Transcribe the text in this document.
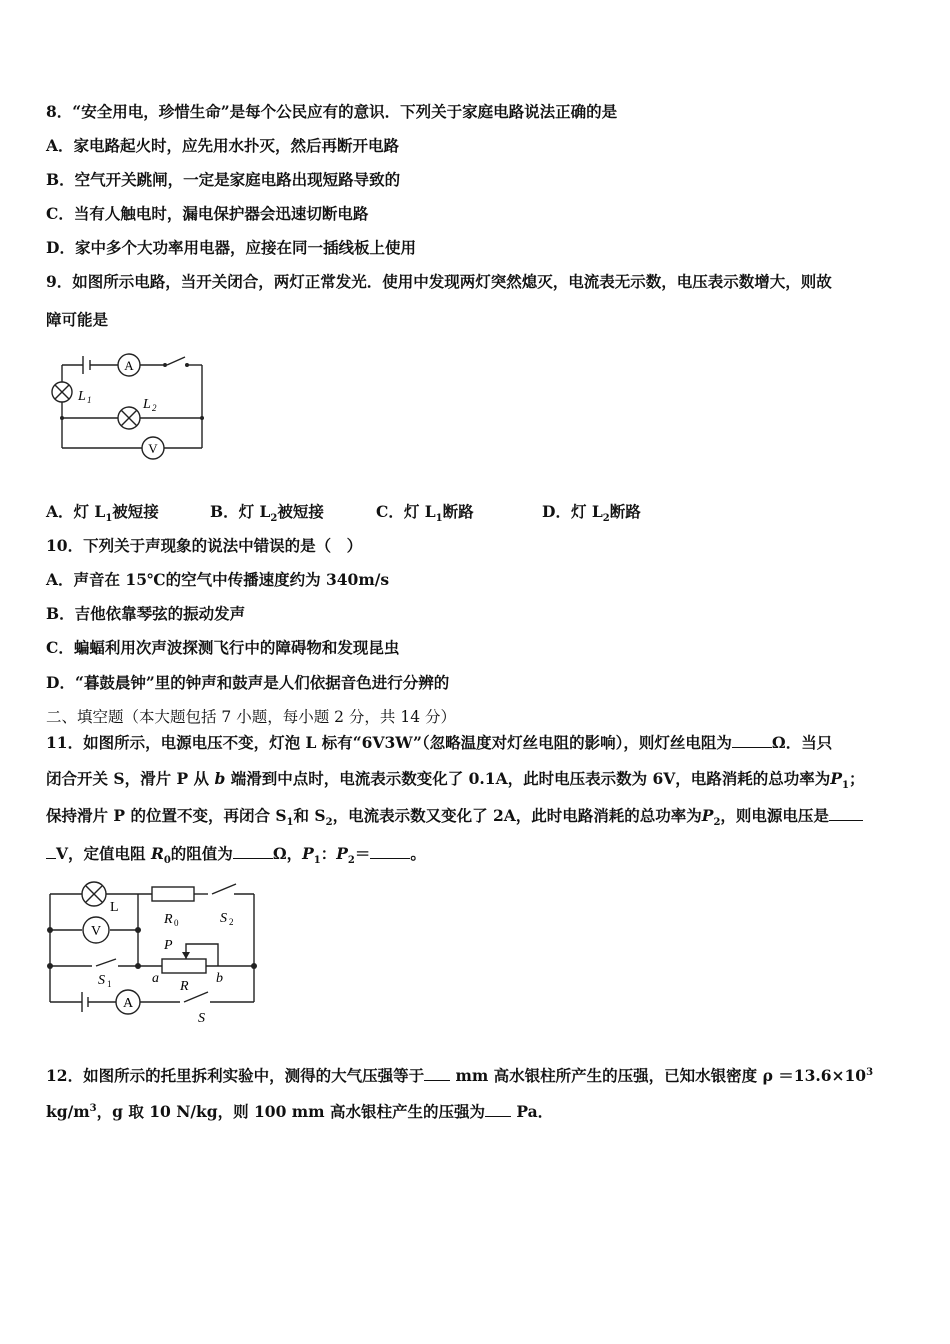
8．“安全用电，珍惜生命”是每个公民应有的意识．下列关于家庭电路说法正确的是
A．家电路起火时，应先用水扑灭，然后再断开电路
B．空气开关跳闸，一定是家庭电路出现短路导致的
C．当有人触电时，漏电保护器会迅速切断电路
D．家中多个大功率用电器，应接在同一插线板上使用
9．如图所示电路，当开关闭合，两灯正常发光．使用中发现两灯突然熄灭，电流表无示数，电压表示数增大，则故
障可能是
A
V
L 1	L 2
A．灯 $L_1$被短接	B．灯 $L_2$被短接	C．灯 $L_1$断路	D．灯 $L_2$断路
10．下列关于声现象的说法中错误的是（　）
A．声音在 15℃的空气中传播速度约为 340m/s
B．吉他依靠琴弦的振动发声
C．蝙蝠利用次声波探测飞行中的障碍物和发现昆虫
D．“暮鼓晨钟”里的钟声和鼓声是人们依据音色进行分辨的
二、填空题（本大题包括 7 小题，每小题 2 分，共 14 分）
11．如图所示，电源电压不变，灯泡 L 标有“6V3W”（忽略温度对灯丝电阻的影响），则灯丝电阻为	Ω．当只
闭合开关 S，滑片 P 从 b 端滑到中点时，电流表示数变化了 0.1A，此时电压表示数为 6V，电路消耗的总功率为$P_1$；
保持滑片 P 的位置不变，再闭合 $S_1$和 $S_2$，电流表示数又变化了 2A，此时电路消耗的总功率为$P_2$，则电源电压是
V，定值电阻 $R_0$的阻值为	Ω，$P_1$：$P_2=$	。
L
V
R 0	S 2
P
a
R
b
S 1
A
S
12．如图所示的托里拆利实验中，测得的大气压强等于 mm 高水银柱所产生的压强，已知水银密度 $\rho =13.6\times 10^3$
$kg/m^3$，g 取 10 N/kg，则 100 mm 高水银柱产生的压强为 Pa．
